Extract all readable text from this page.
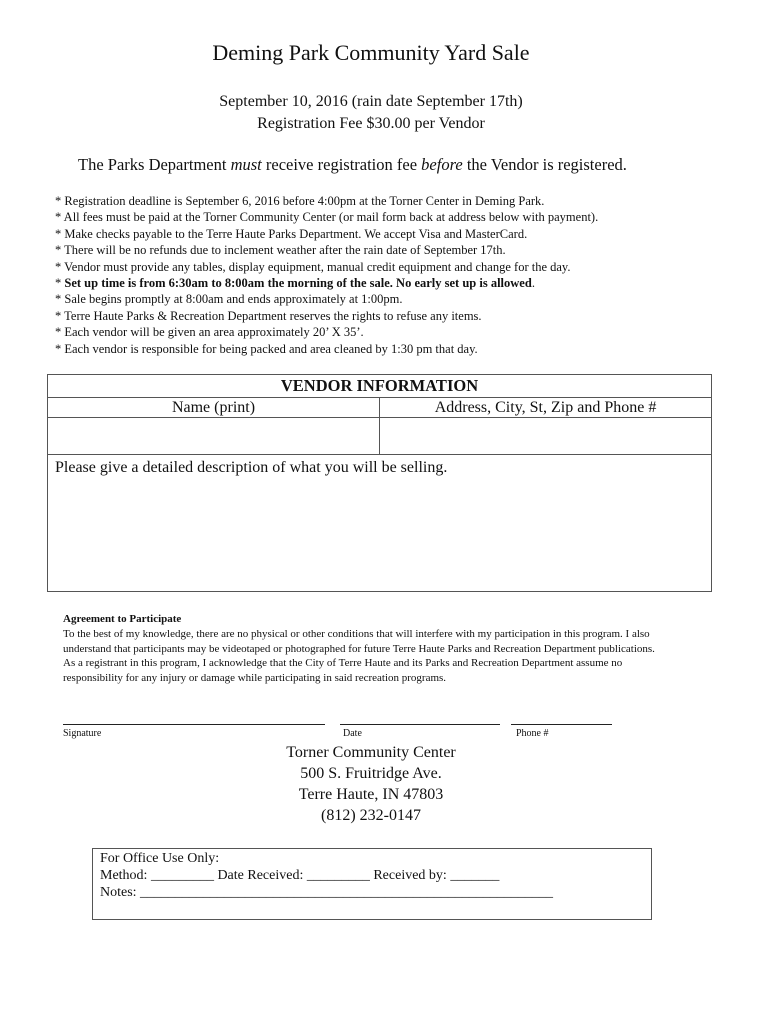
Deming Park Community Yard Sale
September 10, 2016 (rain date September 17th)
Registration Fee $30.00 per Vendor
The Parks Department must receive registration fee before the Vendor is registered.
* Registration deadline is September 6, 2016 before 4:00pm at the Torner Center in Deming Park.
* All fees must be paid at the Torner Community Center (or mail form back at address below with payment).
* Make checks payable to the Terre Haute Parks Department. We accept Visa and MasterCard.
* There will be no refunds due to inclement weather after the rain date of September 17th.
* Vendor must provide any tables, display equipment, manual credit equipment and change for the day.
* Set up time is from 6:30am to 8:00am the morning of the sale. No early set up is allowed.
* Sale begins promptly at 8:00am and ends approximately at 1:00pm.
* Terre Haute Parks & Recreation Department reserves the rights to refuse any items.
* Each vendor will be given an area approximately 20’ X 35’.
* Each vendor is responsible for being packed and area cleaned by 1:30 pm that day.
VENDOR INFORMATION
Name (print)	Address, City, St, Zip and Phone #
Please give a detailed description of what you will be selling.
Agreement to Participate
To the best of my knowledge, there are no physical or other conditions that will interfere with my participation in this program. I also
understand that participants may be videotaped or photographed for future Terre Haute Parks and Recreation Department publications.
As a registrant in this program, I acknowledge that the City of Terre Haute and its Parks and Recreation Department assume no
responsibility for any injury or damage while participating in said recreation programs.
Signature	Date	Phone #
Torner Community Center
500 S. Fruitridge Ave.
Terre Haute, IN 47803
(812) 232-0147
For Office Use Only:
Method: _________ Date Received: _________ Received by: _______
Notes: ___________________________________________________________
